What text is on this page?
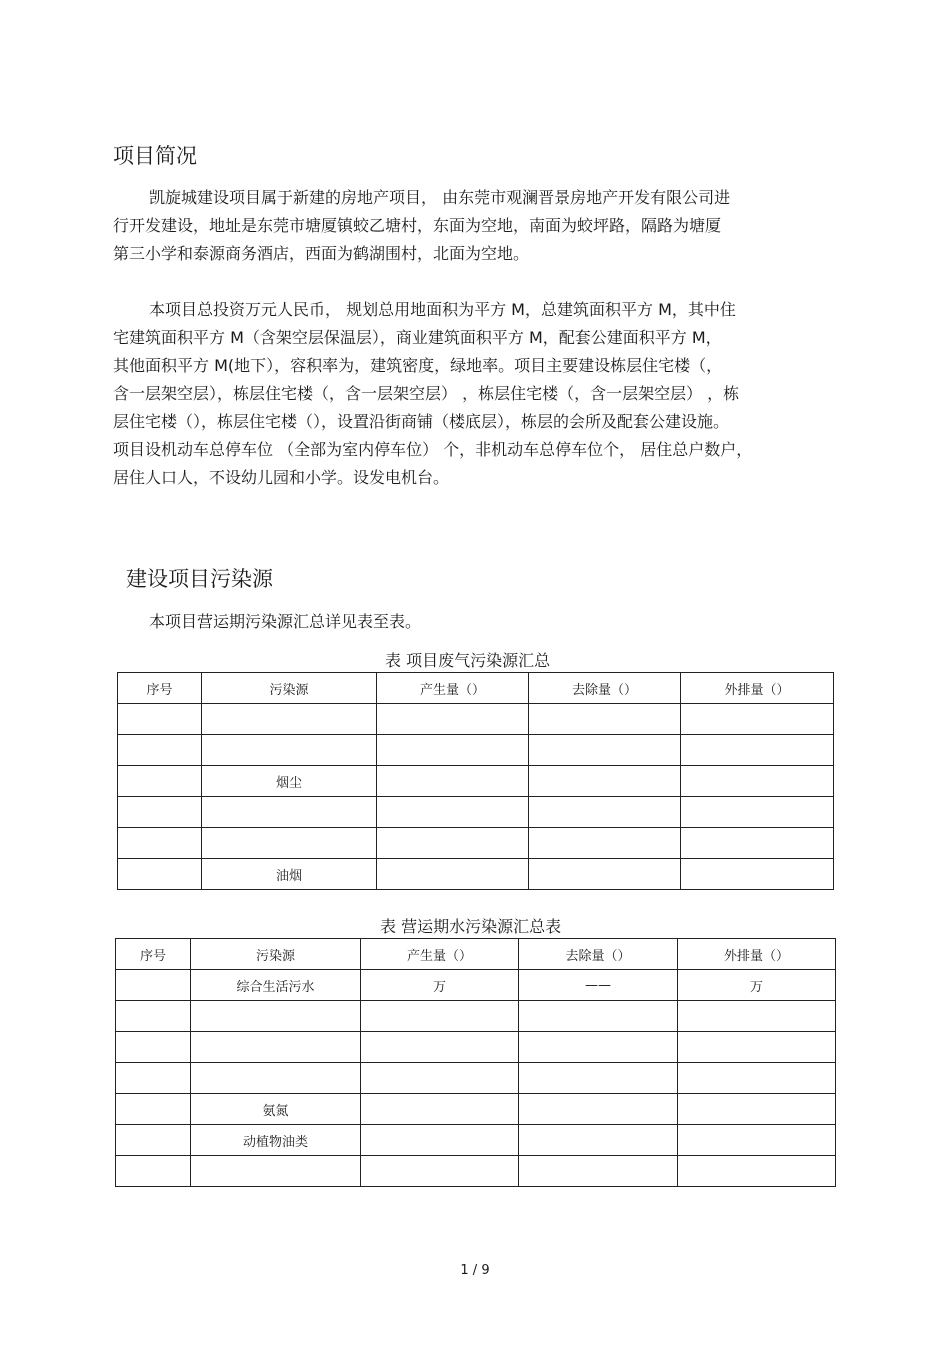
项目简况
凯旋城建设项目属于新建的房地产项目， 由东莞市观澜晋景房地产开发有限公司进
行开发建设，地址是东莞市塘厦镇蛟乙塘村，东面为空地，南面为蛟坪路，隔路为塘厦
第三小学和泰源商务酒店，西面为鹤湖围村，北面为空地。
本项目总投资万元人民币， 规划总用地面积为平方 M，总建筑面积平方 M，其中住
宅建筑面积平方 M（含架空层保温层），商业建筑面积平方 M，配套公建面积平方 M，
其他面积平方 M(地下），容积率为，建筑密度，绿地率。项目主要建设栋层住宅楼（，
含一层架空层），栋层住宅楼（，含一层架空层） ，栋层住宅楼（，含一层架空层） ，栋
层住宅楼（），栋层住宅楼（），设置沿街商铺（楼底层），栋层的会所及配套公建设施。
项目设机动车总停车位 （全部为室内停车位） 个，非机动车总停车位个， 居住总户数户，
居住人口人，不设幼儿园和小学。设发电机台。
建设项目污染源
本项目营运期污染源汇总详见表至表。
表 项目废气污染源汇总
序号	污染源	产生量（）	去除量（）	外排量（）

	烟尘			

	油烟			
表 营运期水污染源汇总表
序号	污染源	产生量（）	去除量（）	外排量（）
	综合生活污水	万	——	万

	氨氮			
	动植物油类			

1 / 9
